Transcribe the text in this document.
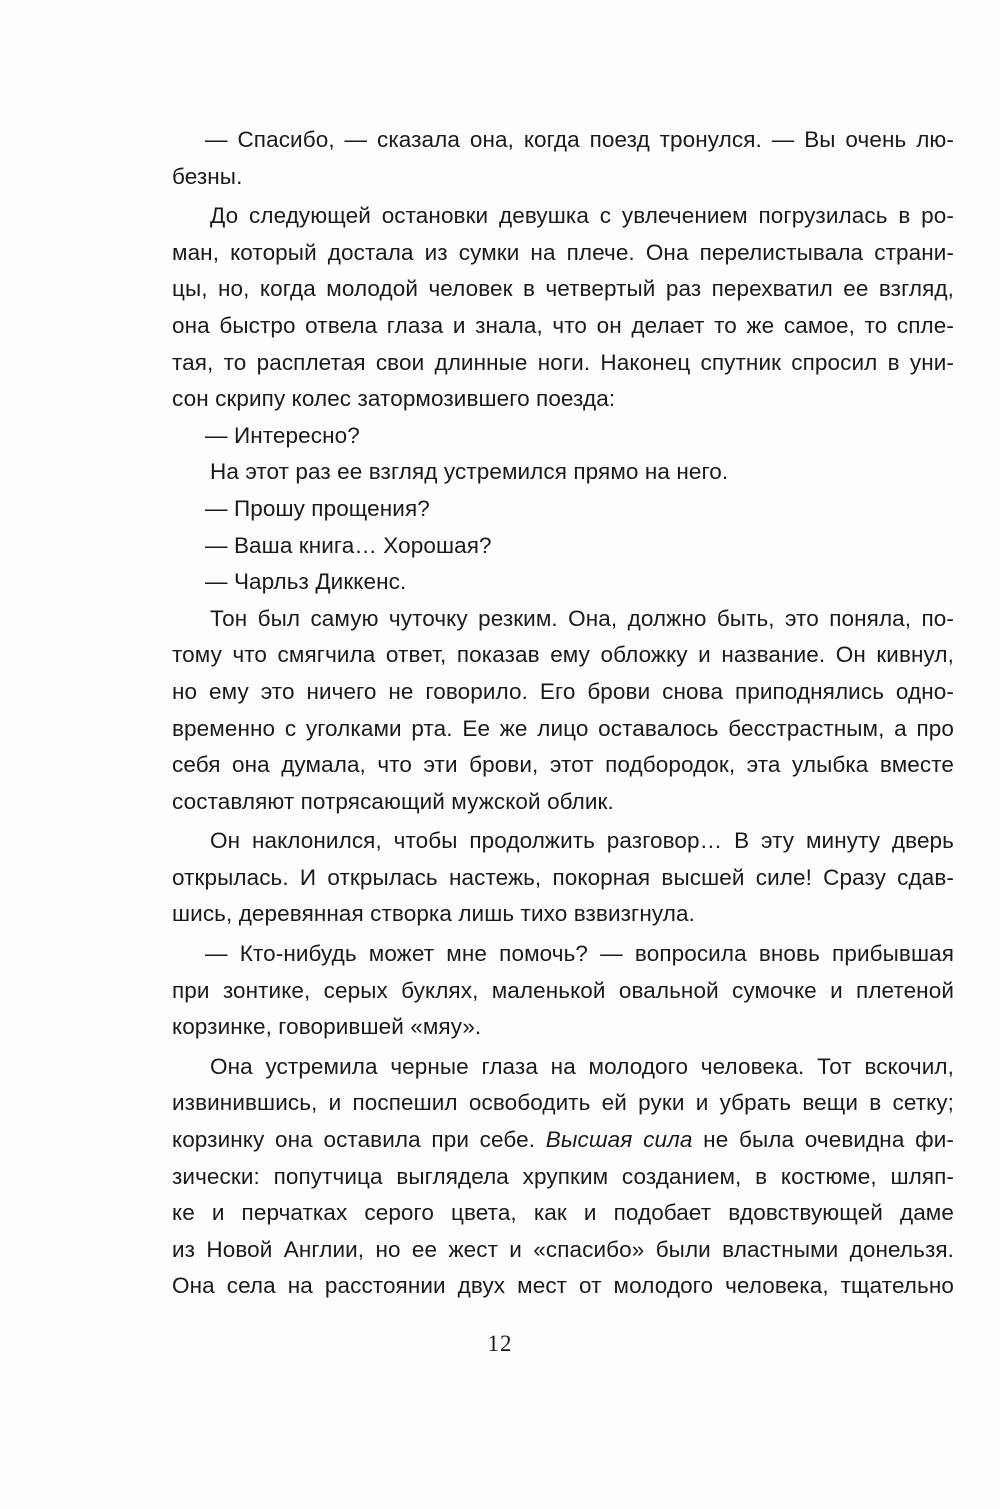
— Спасибо, — сказала она, когда поезд тронулся. — Вы очень лю-
безны.
До следующей остановки девушка с увлечением погрузилась в ро-
ман, который достала из сумки на плече. Она перелистывала страни-
цы, но, когда молодой человек в четвертый раз перехватил ее взгляд,
она быстро отвела глаза и знала, что он делает то же самое, то спле-
тая, то расплетая свои длинные ноги. Наконец спутник спросил в уни-
сон скрипу колес затормозившего поезда:
— Интересно?
На этот раз ее взгляд устремился прямо на него.
— Прошу прощения?
— Ваша книга… Хорошая?
— Чарльз Диккенс.
Тон был самую чуточку резким. Она, должно быть, это поняла, по-
тому что смягчила ответ, показав ему обложку и название. Он кивнул,
но ему это ничего не говорило. Его брови снова приподнялись одно-
временно с уголками рта. Ее же лицо оставалось бесстрастным, а про
себя она думала, что эти брови, этот подбородок, эта улыбка вместе
составляют потрясающий мужской облик.
Он наклонился, чтобы продолжить разговор… В эту минуту дверь
открылась. И открылась настежь, покорная высшей силе! Сразу сдав-
шись, деревянная створка лишь тихо взвизгнула.
— Кто-нибудь может мне помочь? — вопросила вновь прибывшая
при зонтике, серых буклях, маленькой овальной сумочке и плетеной
корзинке, говорившей «мяу».
Она устремила черные глаза на молодого человека. Тот вскочил,
извинившись, и поспешил освободить ей руки и убрать вещи в сетку;
корзинку она оставила при себе. Высшая сила не была очевидна фи-
зически: попутчица выглядела хрупким созданием, в костюме, шляп-
ке и перчатках серого цвета, как и подобает вдовствующей даме
из Новой Англии, но ее жест и «спасибо» были властными донельзя.
Она села на расстоянии двух мест от молодого человека, тщательно
12
